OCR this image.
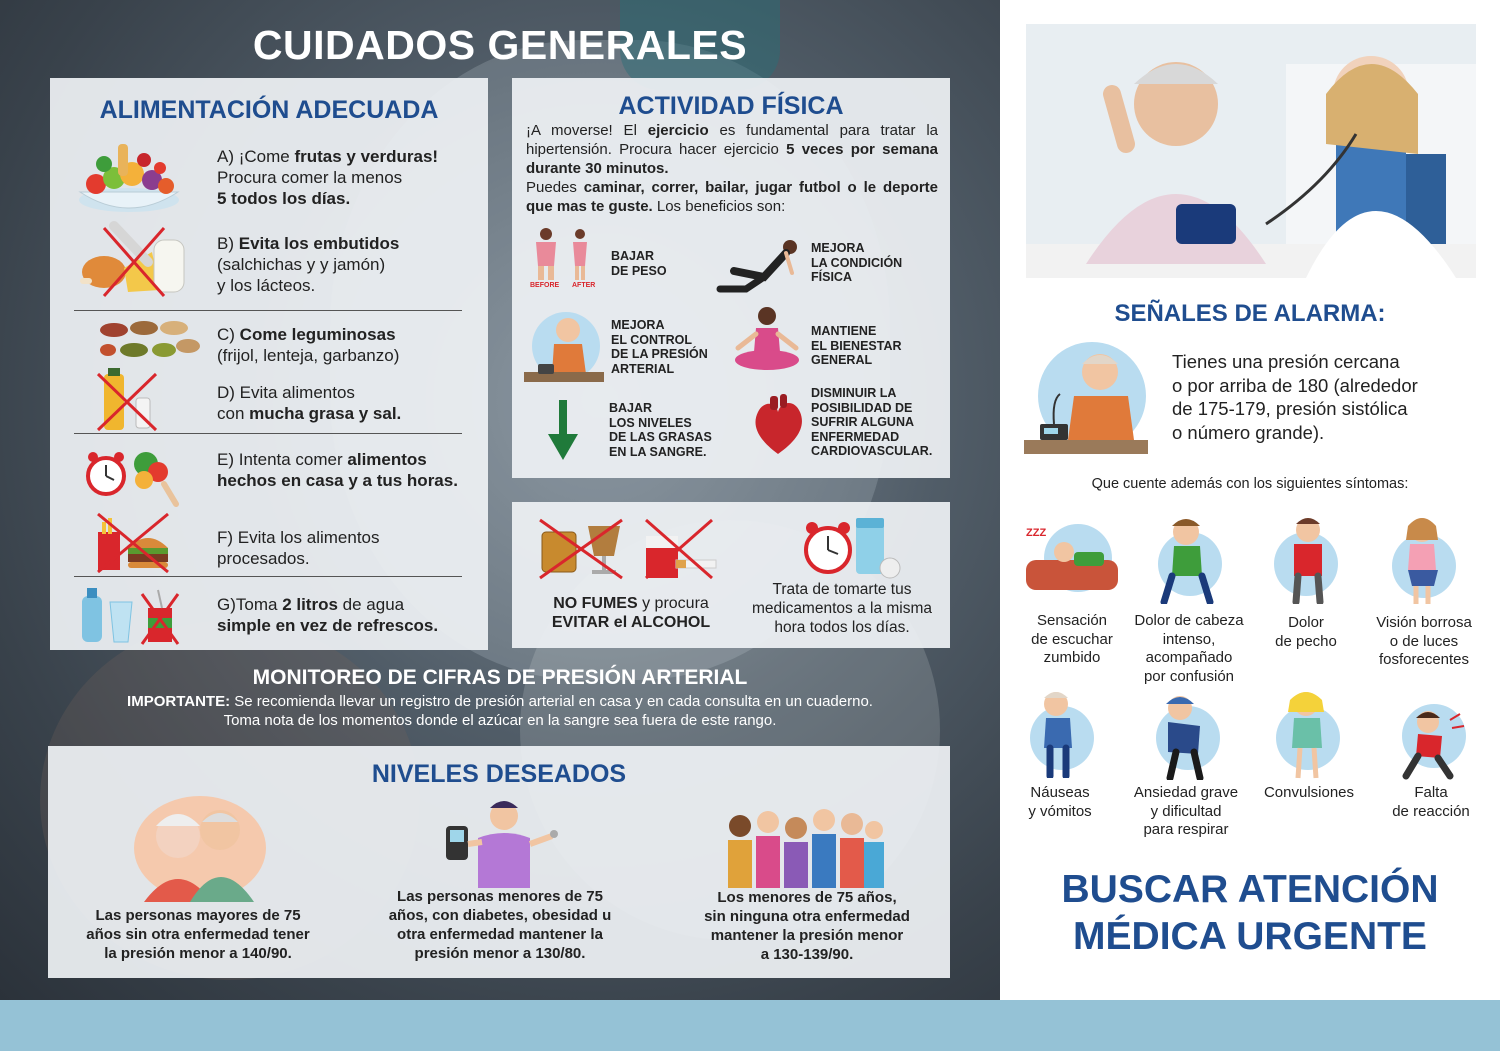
CUIDADOS GENERALES
ALIMENTACIÓN ADECUADA
A) ¡Come frutas y verduras!
Procura comer la menos
5 todos los días.
B) Evita los embutidos
(salchichas y y jamón)
y los lácteos.
C) Come leguminosas
(frijol, lenteja, garbanzo)
D) Evita alimentos
con mucha grasa y sal.
E) Intenta comer alimentos
hechos en casa y a tus horas.
F) Evita los alimentos
procesados.
G)Toma 2 litros de agua
simple en vez de refrescos.
ACTIVIDAD FÍSICA
¡A moverse! El ejercicio es fundamental para tratar la hipertensión. Procura hacer ejercicio 5 veces por semana durante 30 minutos.
Puedes caminar, correr, bailar, jugar futbol o le deporte que mas te guste. Los beneficios son:
BEFORE AFTER
BAJAR
DE PESO
MEJORA
LA CONDICIÓN
FÍSICA
MEJORA
EL CONTROL
DE LA PRESIÓN
ARTERIAL
MANTIENE
EL BIENESTAR
GENERAL
BAJAR
LOS NIVELES
DE LAS GRASAS
EN LA SANGRE.
DISMINUIR LA
POSIBILIDAD DE
SUFRIR ALGUNA
ENFERMEDAD
CARDIOVASCULAR.
NO FUMES y procura
EVITAR el ALCOHOL
Trata de tomarte tus
medicamentos a la misma
hora todos los días.
MONITOREO DE CIFRAS DE PRESIÓN ARTERIAL
IMPORTANTE: Se recomienda llevar un registro de presión arterial en casa y en cada consulta en un cuaderno.
Toma nota de los momentos donde el azúcar en la sangre sea fuera de este rango.
NIVELES DESEADOS
Las personas mayores de 75
años sin otra enfermedad tener
la presión menor a 140/90.
Las personas menores de 75
años, con diabetes, obesidad u
otra enfermedad mantener la
presión menor a 130/80.
Los menores de 75 años,
sin ninguna otra enfermedad
mantener la presión menor
a 130-139/90.
SEÑALES DE ALARMA:
Tienes una presión cercana
o por arriba de 180 (alrededor
de 175-179, presión sistólica
o número grande).
Que cuente además con los siguientes síntomas:
ZZZ
Sensación
de escuchar
zumbido
Dolor de cabeza
intenso,
acompañado
por confusión
Dolor
de pecho
Visión borrosa
o de luces
fosforecentes
Náuseas
y vómitos
Ansiedad grave
y dificultad
para respirar
Convulsiones	Falta
de reacción
BUSCAR ATENCIÓN
MÉDICA URGENTE
